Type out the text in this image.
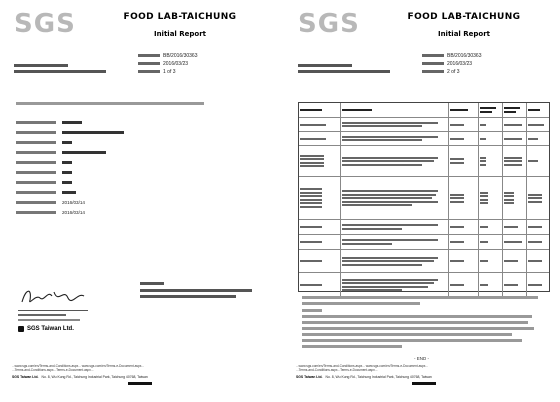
SGS	FOOD LAB-TAICHUNG
Initial Report
BB/2016/30363
2016/03/23
1 of 3
2016/03/14
2016/03/14
SGS Taiwan Ltd.
...www.sgs.com/en/Terms-and-Conditions.aspx... www.sgs.com/en/Terms-e-Document.aspx...
...Terms-and-Conditions.aspx...Terms-e-Document.aspx...
SGS Taiwan Ltd. No. 8, Wu Kung Rd., Taichung Industrial Park, Taichung 40768, Taiwan
SGS	FOOD LAB-TAICHUNG
Initial Report
BB/2016/30363
2016/03/23
2 of 3
- END -
...www.sgs.com/en/Terms-and-Conditions.aspx... www.sgs.com/en/Terms-e-Document.aspx...
...Terms-and-Conditions.aspx...Terms-e-Document.aspx...
SGS Taiwan Ltd. No. 8, Wu Kung Rd., Taichung Industrial Park, Taichung 40768, Taiwan
